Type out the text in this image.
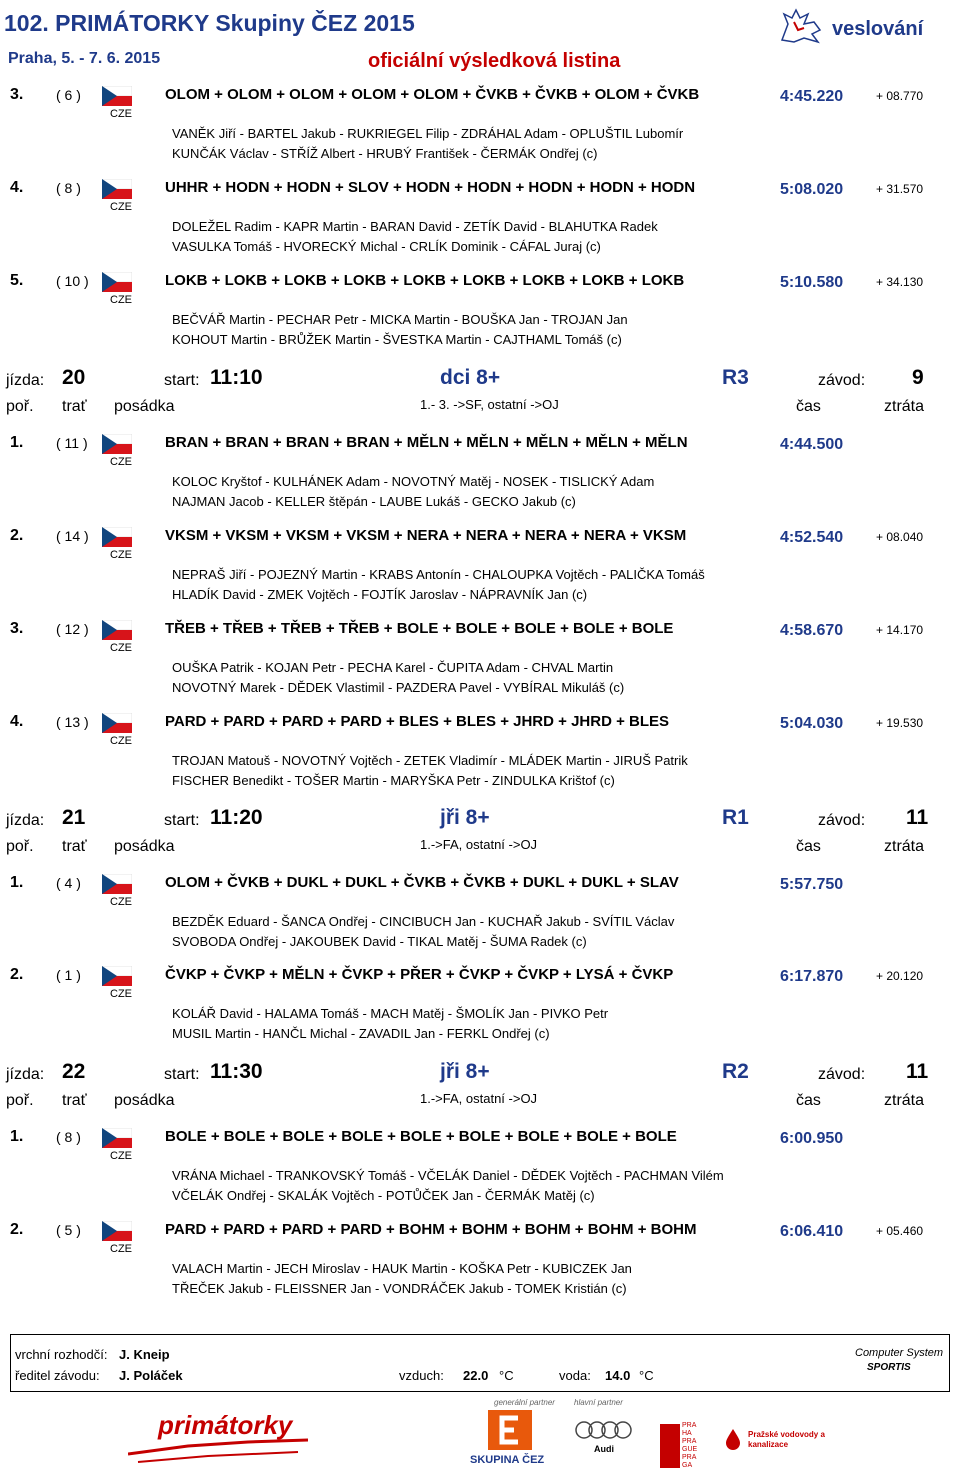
102. PRIMÁTORKY Skupiny ČEZ 2015
Praha, 5. - 7. 6. 2015	oficiální výsledková listina
veslování
3. ( 6 )
CZE
OLOM + OLOM + OLOM + OLOM + OLOM + ČVKB + ČVKB + OLOM + ČVKB	4:45.220	+ 08.770
VANĚK Jiří - BARTEL Jakub - RUKRIEGEL Filip - ZDRÁHAL Adam - OPLUŠTIL Lubomír
KUNČÁK Václav - STŘÍŽ Albert - HRUBÝ František - ČERMÁK Ondřej (c)
4. ( 8 )
CZE
UHHR + HODN + HODN + SLOV + HODN + HODN + HODN + HODN + HODN	5:08.020	+ 31.570
DOLEŽEL Radim - KAPR Martin - BARAN David - ZETÍK David - BLAHUTKA Radek
VASULKA Tomáš - HVORECKÝ Michal - CRLÍK Dominik - CÁFAL Juraj (c)
5. ( 10 )
CZE
LOKB + LOKB + LOKB + LOKB + LOKB + LOKB + LOKB + LOKB + LOKB	5:10.580	+ 34.130
BEČVÁŘ Martin - PECHAR Petr - MICKA Martin - BOUŠKA Jan - TROJAN Jan
KOHOUT Martin - BRŮŽEK Martin - ŠVESTKA Martin - CAJTHAML Tomáš (c)
jízda: 20	start: 11:10	dci 8+	R3	závod: 9
poř. trať posádka	1.- 3. ->SF, ostatní ->OJ	čas	ztráta
1. ( 11 )
CZE
BRAN + BRAN + BRAN + BRAN + MĚLN + MĚLN + MĚLN + MĚLN + MĚLN	4:44.500
KOLOC Kryštof - KULHÁNEK Adam - NOVOTNÝ Matěj - NOSEK - TISLICKÝ Adam
NAJMAN Jacob - KELLER štěpán - LAUBE Lukáš - GECKO Jakub (c)
2. ( 14 )
CZE
VKSM + VKSM + VKSM + VKSM + NERA + NERA + NERA + NERA + VKSM	4:52.540	+ 08.040
NEPRAŠ Jiří - POJEZNÝ Martin - KRABS Antonín - CHALOUPKA Vojtěch - PALIČKA Tomáš
HLADÍK David - ZMEK Vojtěch - FOJTÍK Jaroslav - NÁPRAVNÍK Jan (c)
3. ( 12 )
CZE
TŘEB + TŘEB + TŘEB + TŘEB + BOLE + BOLE + BOLE + BOLE + BOLE	4:58.670	+ 14.170
OUŠKA Patrik - KOJAN Petr - PECHA Karel - ČUPITA Adam - CHVAL Martin
NOVOTNÝ Marek - DĚDEK Vlastimil - PAZDERA Pavel - VYBÍRAL Mikuláš (c)
4. ( 13 )
CZE
PARD + PARD + PARD + PARD + BLES + BLES + JHRD + JHRD + BLES	5:04.030	+ 19.530
TROJAN Matouš - NOVOTNÝ Vojtěch - ZETEK Vladimír - MLÁDEK Martin - JIRUŠ Patrik
FISCHER Benedikt - TOŠER Martin - MARYŠKA Petr - ZINDULKA Krištof (c)
jízda: 21	start: 11:20	jři 8+	R1	závod: 11
poř. trať posádka	1.->FA, ostatní ->OJ	čas	ztráta
1. ( 4 )
CZE
OLOM + ČVKB + DUKL + DUKL + ČVKB + ČVKB + DUKL + DUKL + SLAV	5:57.750
BEZDĚK Eduard - ŠANCA Ondřej - CINCIBUCH Jan - KUCHAŘ Jakub - SVÍTIL Václav
SVOBODA Ondřej - JAKOUBEK David - TIKAL Matěj - ŠUMA Radek (c)
2. ( 1 )
CZE
ČVKP + ČVKP + MĚLN + ČVKP + PŘER + ČVKP + ČVKP + LYSÁ + ČVKP	6:17.870	+ 20.120
KOLÁŘ David - HALAMA Tomáš - MACH Matěj - ŠMOLÍK Jan - PIVKO Petr
MUSIL Martin - HANČL Michal - ZAVADIL Jan - FERKL Ondřej (c)
jízda: 22	start: 11:30	jři 8+	R2	závod: 11
poř. trať posádka	1.->FA, ostatní ->OJ	čas	ztráta
1. ( 8 )
CZE
BOLE + BOLE + BOLE + BOLE + BOLE + BOLE + BOLE + BOLE + BOLE	6:00.950
VRÁNA Michael - TRANKOVSKÝ Tomáš - VČELÁK Daniel - DĚDEK Vojtěch - PACHMAN Vilém
VČELÁK Ondřej - SKALÁK Vojtěch - POTŮČEK Jan - ČERMÁK Matěj (c)
2. ( 5 )
CZE
PARD + PARD + PARD + PARD + BOHM + BOHM + BOHM + BOHM + BOHM	6:06.410	+ 05.460
VALACH Martin - JECH Miroslav - HAUK Martin - KOŠKA Petr - KUBICZEK Jan
TŘEČEK Jakub - FLEISSNER Jan - VONDRÁČEK Jakub - TOMEK Kristián (c)
vrchní rozhodčí: J. Kneip
ředitel závodu: J. Poláček	vzduch: 22.0 °C	voda: 14.0 °C
Computer System
SPORTIS
primátorky
generální partner
SKUPINA ČEZ
hlavní partner
Audi
PRA
HA
PRA
GUE
PRA
GA
Pražské vodovody a kanalizace
